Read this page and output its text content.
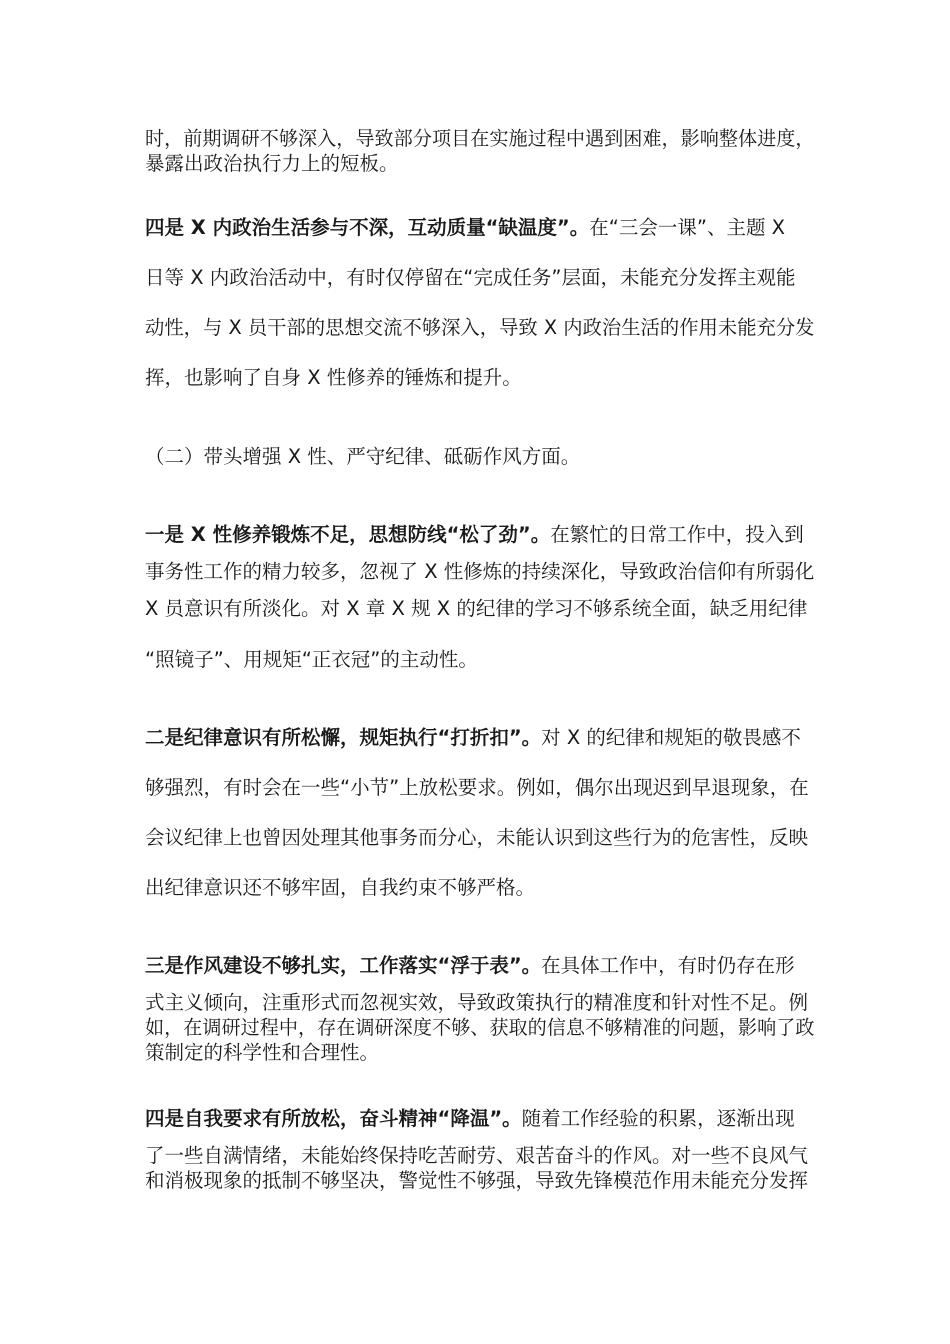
时，前期调研不够深入，导致部分项目在实施过程中遇到困难，影响整体进度，
暴露出政治执行力上的短板。
四是 X 内政治生活参与不深，互动质量“缺温度”。在“三会一课”、主题 X
日等 X 内政治活动中，有时仅停留在“完成任务”层面，未能充分发挥主观能
动性，与 X 员干部的思想交流不够深入，导致 X 内政治生活的作用未能充分发
挥，也影响了自身 X 性修养的锤炼和提升。
（二）带头增强 X 性、严守纪律、砥砺作风方面。
一是 X 性修养锻炼不足，思想防线“松了劲”。在繁忙的日常工作中，投入到
事务性工作的精力较多，忽视了 X 性修炼的持续深化，导致政治信仰有所弱化
X 员意识有所淡化。对 X 章 X 规 X 的纪律的学习不够系统全面，缺乏用纪律
“照镜子”、用规矩“正衣冠”的主动性。
二是纪律意识有所松懈，规矩执行“打折扣”。对 X 的纪律和规矩的敬畏感不
够强烈，有时会在一些“小节”上放松要求。例如，偶尔出现迟到早退现象，在
会议纪律上也曾因处理其他事务而分心，未能认识到这些行为的危害性，反映
出纪律意识还不够牢固，自我约束不够严格。
三是作风建设不够扎实，工作落实“浮于表”。在具体工作中，有时仍存在形
式主义倾向，注重形式而忽视实效，导致政策执行的精准度和针对性不足。例
如，在调研过程中，存在调研深度不够、获取的信息不够精准的问题，影响了政
策制定的科学性和合理性。
四是自我要求有所放松，奋斗精神“降温”。随着工作经验的积累，逐渐出现
了一些自满情绪，未能始终保持吃苦耐劳、艰苦奋斗的作风。对一些不良风气
和消极现象的抵制不够坚决，警觉性不够强，导致先锋模范作用未能充分发挥
